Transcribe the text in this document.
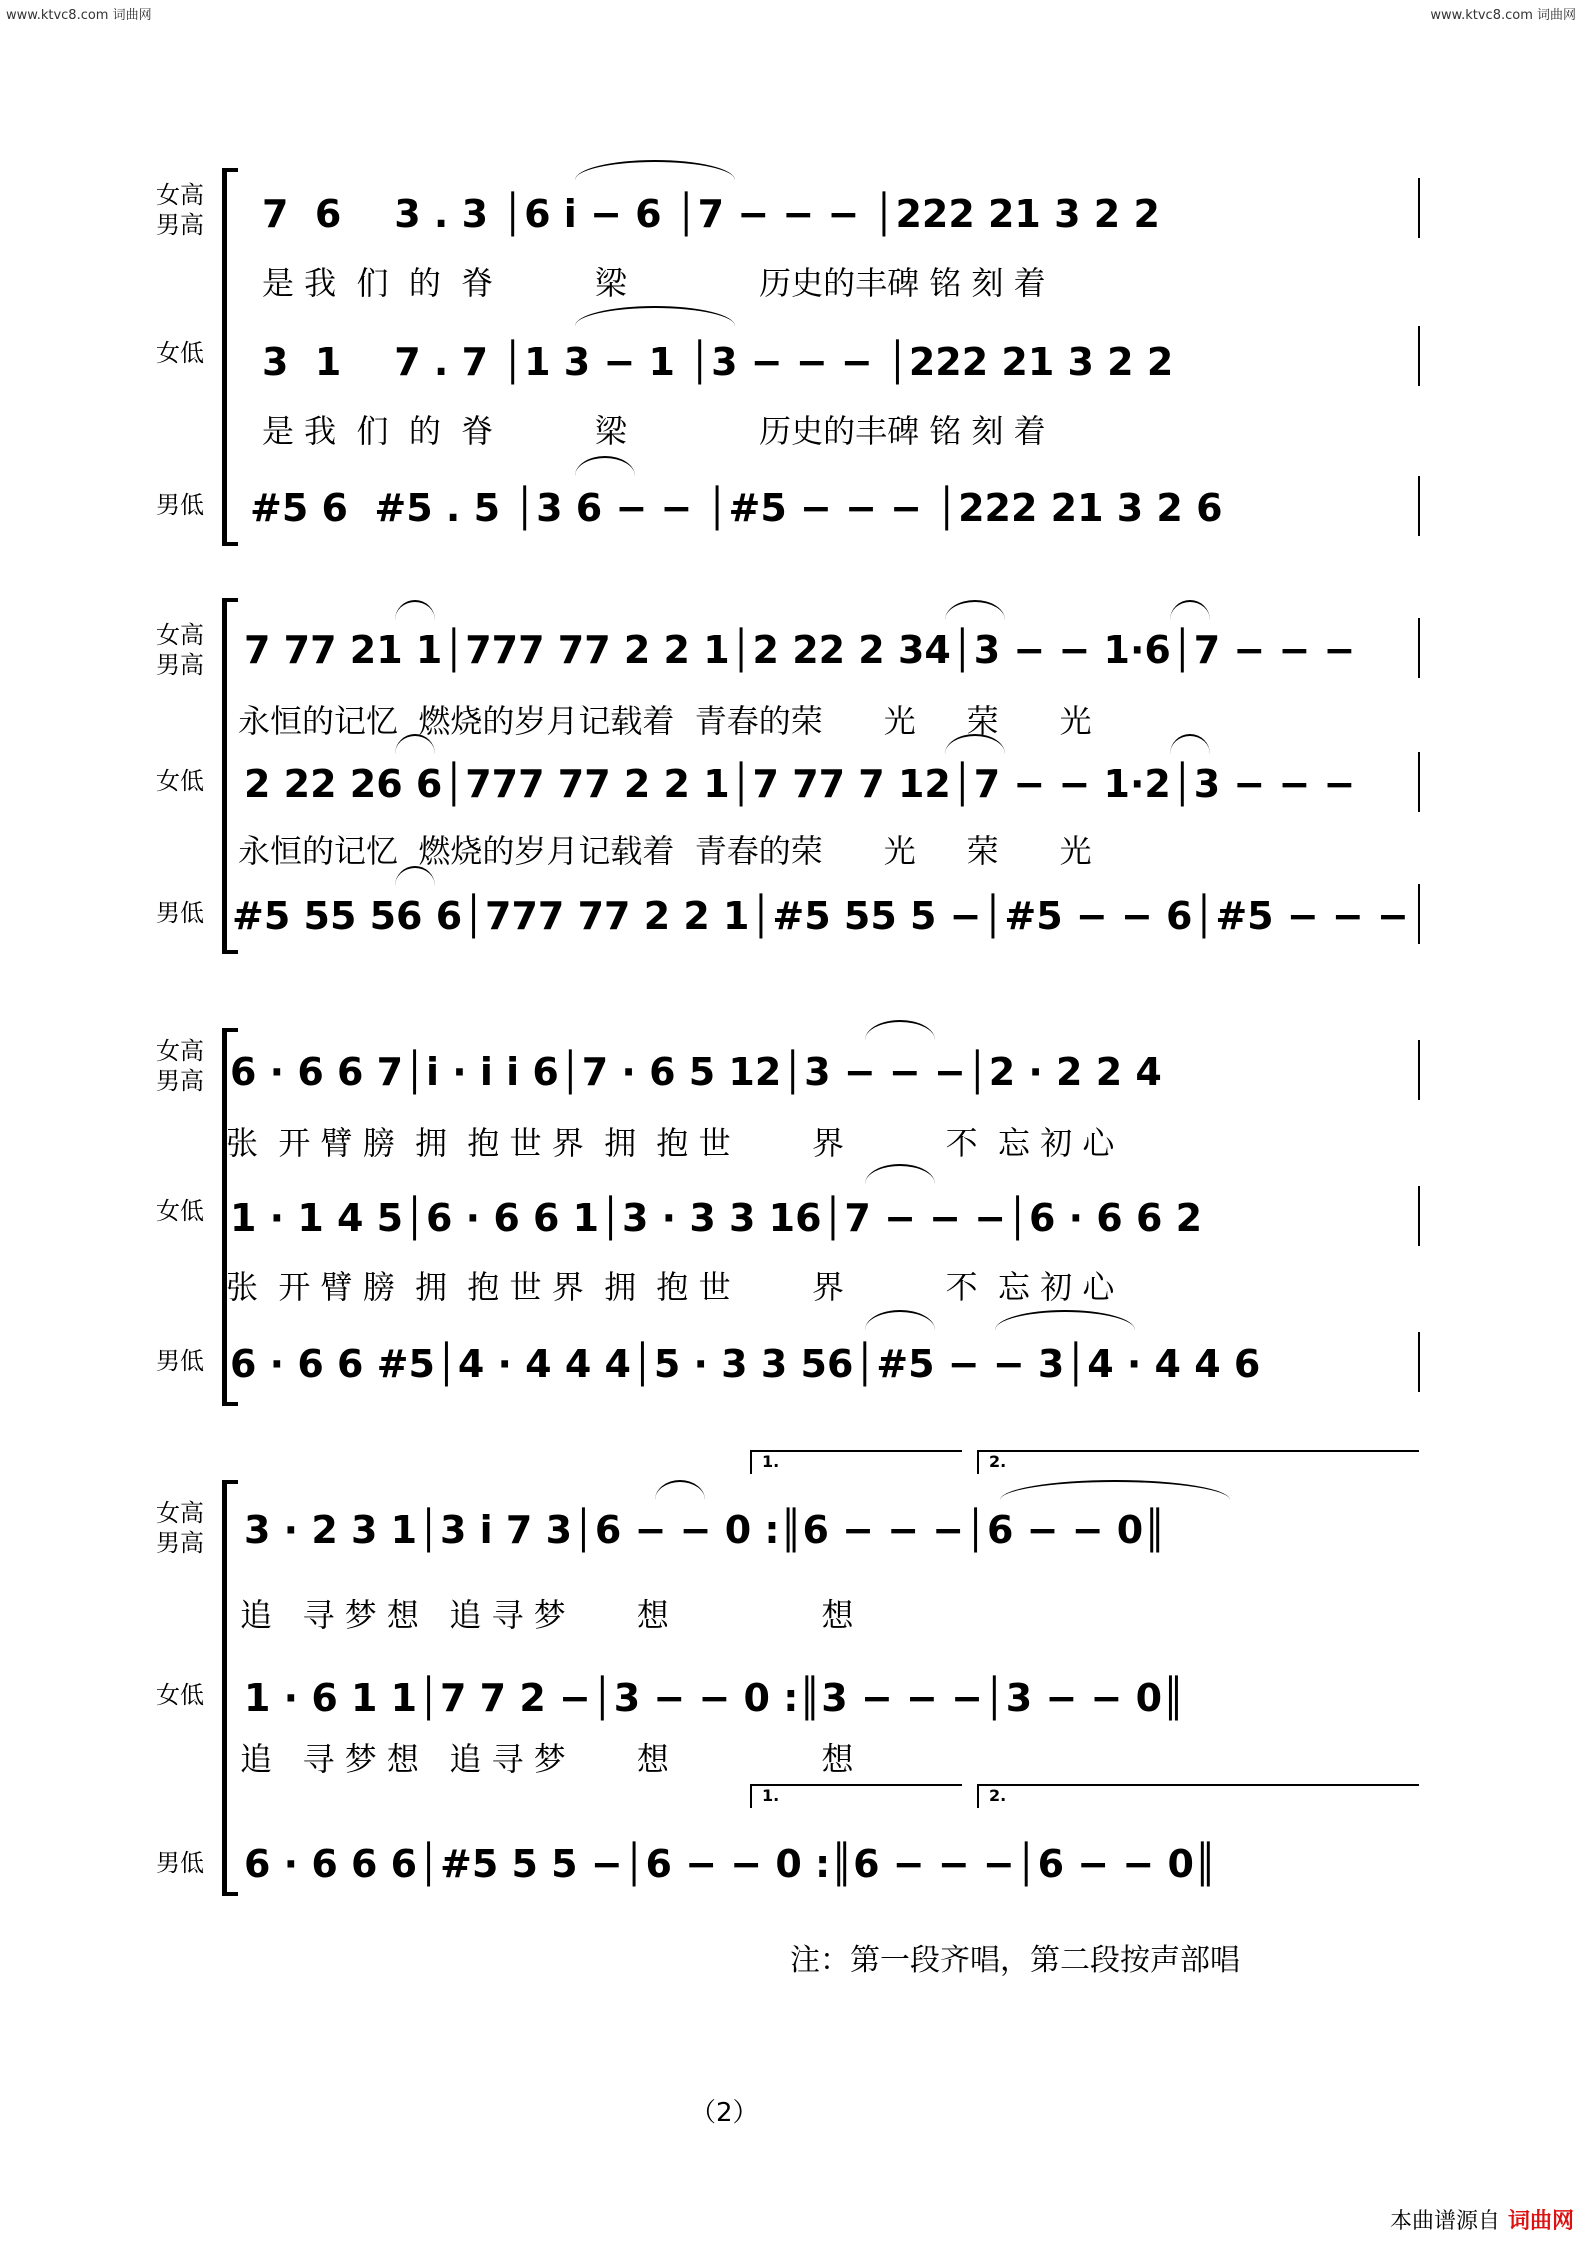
www.ktvc8.com 词曲网	www.ktvc8.com 词曲网
女高
男高
女低
男低
7  6    3 . 3 │6 i − 6 │7 − − − │222 21 3 2 2
是 我  们  的  脊          梁             历史的丰碑 铭 刻 着
3  1    7 . 7 │1 3 − 1 │3 − − − │222 21 3 2 2
是 我  们  的  脊          梁             历史的丰碑 铭 刻 着
#5 6  #5 . 5 │3 6 − − │#5 − − − │222 21 3 2 6
女高
男高
女低
男低
7 77 21 1│777 77 2 2 1│2 22 2 34│3 − − 1·6│7 − − −
永恒的记忆  燃烧的岁月记载着  青春的荣      光     荣      光
2 22 26 6│777 77 2 2 1│7 77 7 12│7 − − 1·2│3 − − −
永恒的记忆  燃烧的岁月记载着  青春的荣      光     荣      光
#5 55 56 6│777 77 2 2 1│#5 55 5 −│#5 − − 6│#5 − − −
女高
男高
女低
男低
6 · 6 6 7│i · i i 6│7 · 6 5 12│3 − − −│2 · 2 2 4
张  开 臂 膀  拥  抱 世 界  拥  抱 世        界          不  忘 初 心
1 · 1 4 5│6 · 6 6 1│3 · 3 3 16│7 − − −│6 · 6 6 2
张  开 臂 膀  拥  抱 世 界  拥  抱 世        界          不  忘 初 心
6 · 6 6 #5│4 · 4 4 4│5 · 3 3 56│#5 − − 3│4 · 4 4 6
女高
男高
女低
男低
1.	2.
3 · 2 3 1│3 i 7 3│6 − − 0 :║6 − − −│6 − − 0║
追   寻 梦 想   追 寻 梦       想               想
1 · 6 1 1│7 7 2 −│3 − − 0 :║3 − − −│3 − − 0║
追   寻 梦 想   追 寻 梦       想               想
1.	2.
6 · 6 6 6│#5 5 5 −│6 − − 0 :║6 − − −│6 − − 0║
注：第一段齐唱，第二段按声部唱
（2）
本曲谱源自 词曲网
